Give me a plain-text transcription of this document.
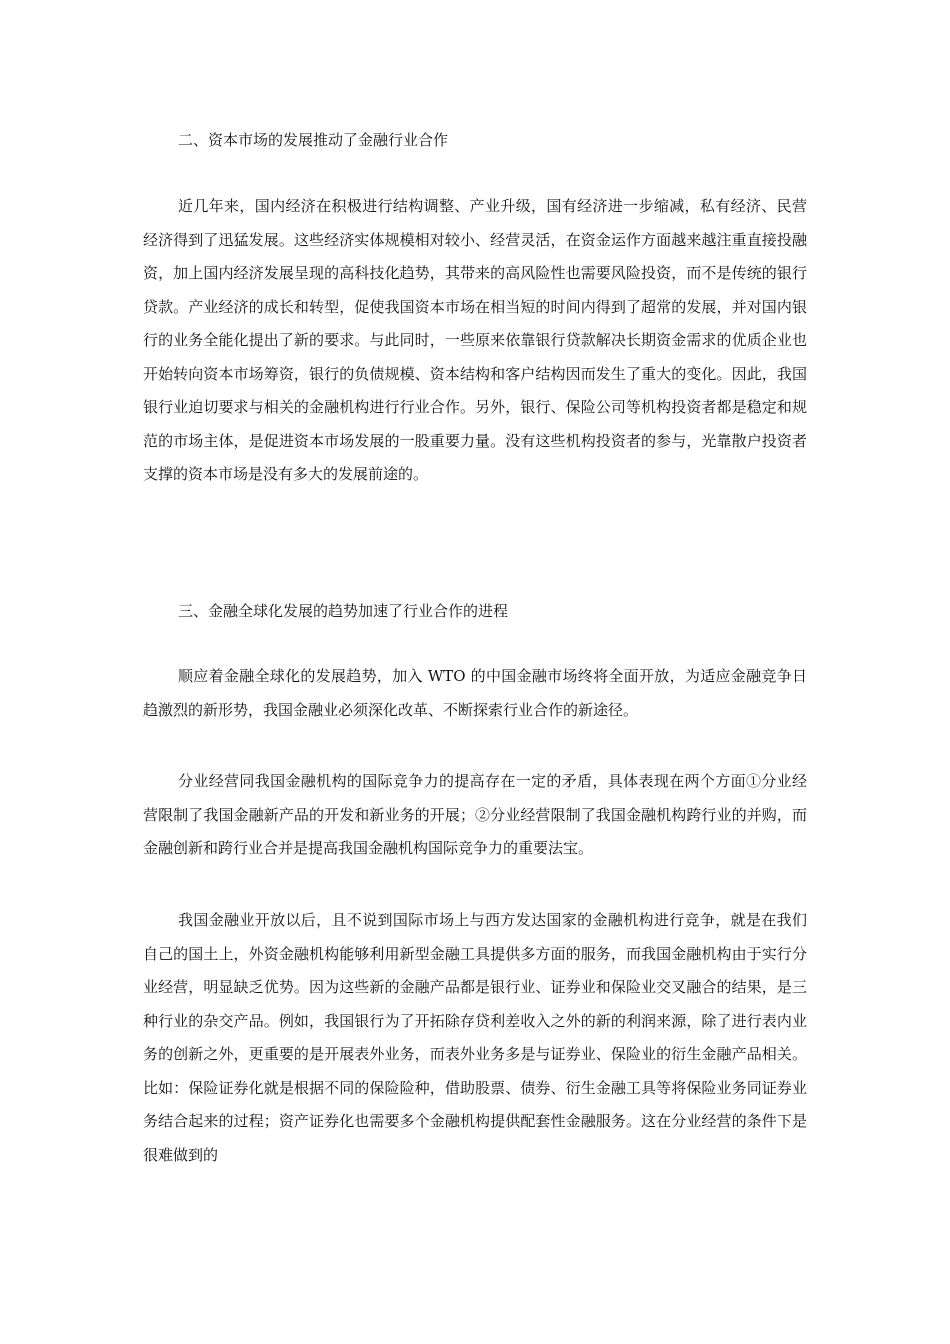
二、资本市场的发展推动了金融行业合作
近几年来，国内经济在积极进行结构调整、产业升级，国有经济进一步缩减，私有经济、民营经济得到了迅猛发展。这些经济实体规模相对较小、经营灵活，在资金运作方面越来越注重直接投融资，加上国内经济发展呈现的高科技化趋势，其带来的高风险性也需要风险投资，而不是传统的银行贷款。产业经济的成长和转型，促使我国资本市场在相当短的时间内得到了超常的发展，并对国内银行的业务全能化提出了新的要求。与此同时，一些原来依靠银行贷款解决长期资金需求的优质企业也开始转向资本市场筹资，银行的负债规模、资本结构和客户结构因而发生了重大的变化。因此，我国银行业迫切要求与相关的金融机构进行行业合作。另外，银行、保险公司等机构投资者都是稳定和规范的市场主体，是促进资本市场发展的一股重要力量。没有这些机构投资者的参与，光靠散户投资者支撑的资本市场是没有多大的发展前途的。
三、金融全球化发展的趋势加速了行业合作的进程
顺应着金融全球化的发展趋势，加入 WTO 的中国金融市场终将全面开放，为适应金融竞争日趋激烈的新形势，我国金融业必须深化改革、不断探索行业合作的新途径。
分业经营同我国金融机构的国际竞争力的提高存在一定的矛盾，具体表现在两个方面①分业经营限制了我国金融新产品的开发和新业务的开展；②分业经营限制了我国金融机构跨行业的并购，而金融创新和跨行业合并是提高我国金融机构国际竞争力的重要法宝。
我国金融业开放以后，且不说到国际市场上与西方发达国家的金融机构进行竞争，就是在我们自己的国土上，外资金融机构能够利用新型金融工具提供多方面的服务，而我国金融机构由于实行分业经营，明显缺乏优势。因为这些新的金融产品都是银行业、证券业和保险业交叉融合的结果，是三种行业的杂交产品。例如，我国银行为了开拓除存贷利差收入之外的新的利润来源，除了进行表内业务的创新之外，更重要的是开展表外业务，而表外业务多是与证券业、保险业的衍生金融产品相关。比如：保险证券化就是根据不同的保险险种，借助股票、债券、衍生金融工具等将保险业务同证券业务结合起来的过程；资产证券化也需要多个金融机构提供配套性金融服务。这在分业经营的条件下是很难做到的
